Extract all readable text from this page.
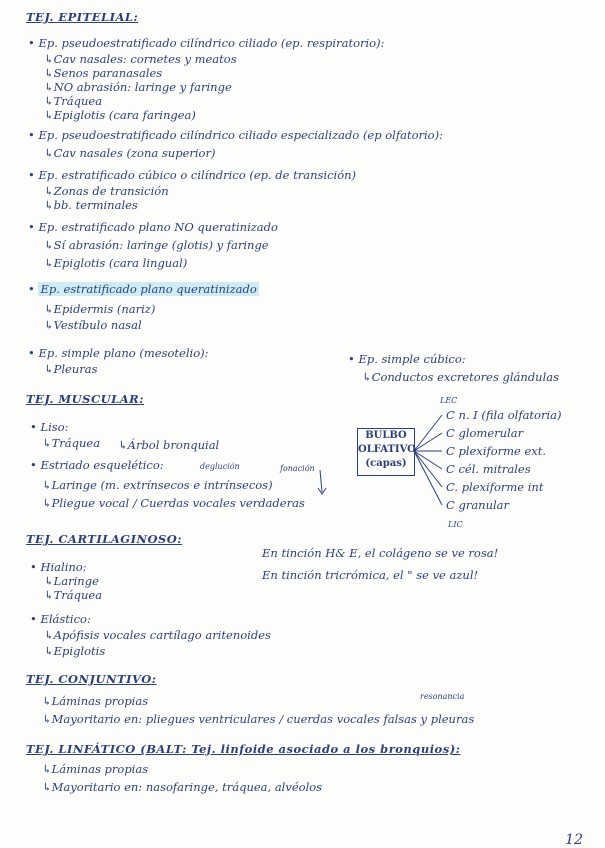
TEJ. EPITELIAL:
• Ep. pseudoestratificado cilíndrico ciliado (ep. respiratorio):
↳ Cav nasales: cornetes y meatos
↳ Senos paranasales
↳ NO abrasión: laringe y faringe
↳ Tráquea
↳ Epiglotis (cara faringea)
• Ep. pseudoestratificado cilíndrico ciliado especializado (ep olfatorio):
↳ Cav nasales (zona superior)
• Ep. estratificado cúbico o cilíndrico (ep. de transición)
↳ Zonas de transición
↳ bb. terminales
• Ep. estratificado plano NO queratinizado
↳ Sí abrasión: laringe (glotis) y faringe
↳ Epiglotis (cara lingual)
• Ep. estratificado plano queratinizado
↳ Epidermis (nariz)
↳ Vestíbulo nasal
• Ep. simple plano (mesotelio):
↳ Pleuras
• Ep. simple cúbico:
↳ Conductos excretores glándulas
TEJ. MUSCULAR:
• Liso:
↳ Tráquea
↳	Árbol bronquial
deglución	fonación
• Estriado esquelético:
↳ Laringe (m. extrínsecos e intrínsecos)
↳ Pliegue vocal / Cuerdas vocales verdaderas
LEC
BULBO
OLFATIVO
(capas)
C n. I (fila olfatoria)
C glomerular
C plexiforme ext.
C cél. mitrales
C. plexiforme int
C granular
LIC
TEJ. CARTILAGINOSO:
• Hialino:
↳ Laringe
↳ Tráquea
En tinción H& E, el colágeno se ve rosa!
En tinción tricrómica, el " se ve azul!
• Elástico:
↳ Apófisis vocales cartílago aritenoides
↳ Epiglotis
TEJ. CONJUNTIVO:
resonancia
↳ Láminas propias
↳ Mayoritario en: pliegues ventriculares / cuerdas vocales falsas y pleuras
TEJ. LINFÁTICO (BALT: Tej. linfoide asociado a los bronquios):
↳ Láminas propias
↳ Mayoritario en: nasofaringe, tráquea, alvéolos
12
